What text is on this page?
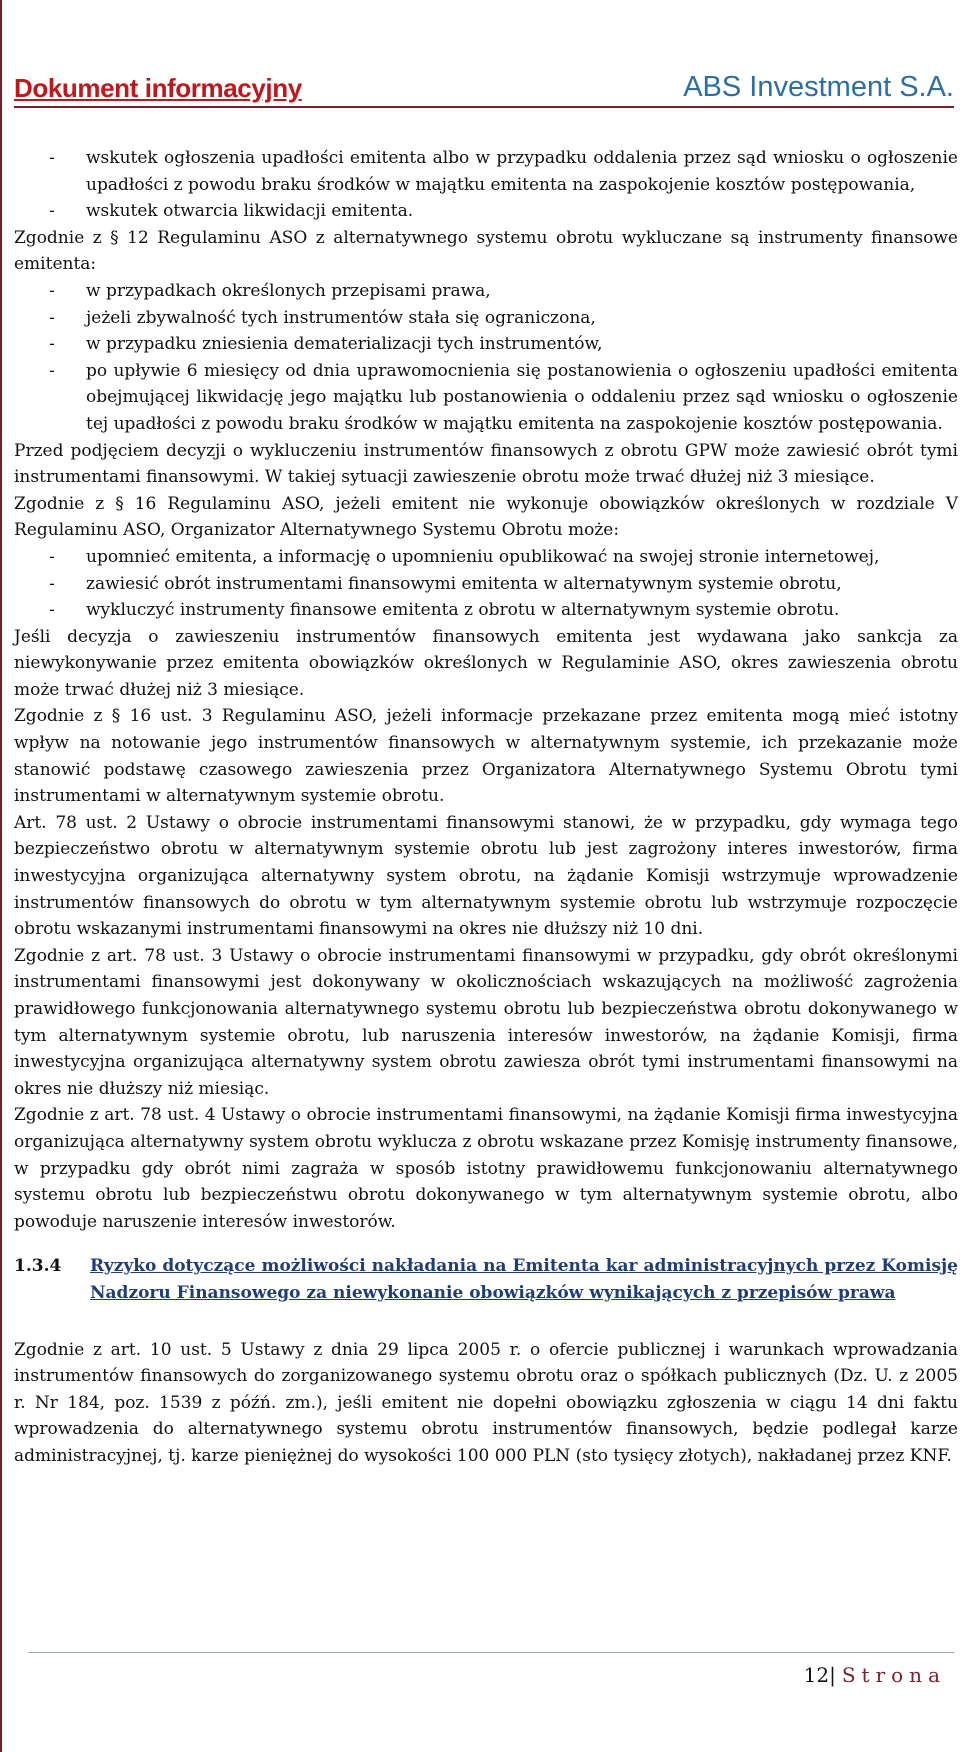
Dokument informacyjny	ABS Investment S.A.
-	wskutek ogłoszenia upadłości emitenta albo w przypadku oddalenia przez sąd wniosku o ogłoszenie upadłości z powodu braku środków w majątku emitenta na zaspokojenie kosztów postępowania,
-	wskutek otwarcia likwidacji emitenta.

Zgodnie z § 12 Regulaminu ASO z alternatywnego systemu obrotu wykluczane są instrumenty finansowe emitenta:

-	w przypadkach określonych przepisami prawa,
-	jeżeli zbywalność tych instrumentów stała się ograniczona,
-	w przypadku zniesienia dematerializacji tych instrumentów,
-	po upływie 6 miesięcy od dnia uprawomocnienia się postanowienia o ogłoszeniu upadłości emitenta obejmującej likwidację jego majątku lub postanowienia o oddaleniu przez sąd wniosku o ogłoszenie tej upadłości z powodu braku środków w majątku emitenta na zaspokojenie kosztów postępowania.

Przed podjęciem decyzji o wykluczeniu instrumentów finansowych z obrotu GPW może zawiesić obrót tymi instrumentami finansowymi. W takiej sytuacji zawieszenie obrotu może trwać dłużej niż 3 miesiące.

Zgodnie z § 16 Regulaminu ASO, jeżeli emitent nie wykonuje obowiązków określonych w rozdziale V Regulaminu ASO, Organizator Alternatywnego Systemu Obrotu może:

-	upomnieć emitenta, a informację o upomnieniu opublikować na swojej stronie internetowej,
-	zawiesić obrót instrumentami finansowymi emitenta w alternatywnym systemie obrotu,
-	wykluczyć instrumenty finansowe emitenta z obrotu w alternatywnym systemie obrotu.

Jeśli decyzja o zawieszeniu instrumentów finansowych emitenta jest wydawana jako sankcja za niewykonywanie przez emitenta obowiązków określonych w Regulaminie ASO, okres zawieszenia obrotu może trwać dłużej niż 3 miesiące.

Zgodnie z § 16 ust. 3 Regulaminu ASO, jeżeli informacje przekazane przez emitenta mogą mieć istotny wpływ na notowanie jego instrumentów finansowych w alternatywnym systemie, ich przekazanie może stanowić podstawę czasowego zawieszenia przez Organizatora Alternatywnego Systemu Obrotu tymi instrumentami w alternatywnym systemie obrotu.

Art. 78 ust. 2 Ustawy o obrocie instrumentami finansowymi stanowi, że w przypadku, gdy wymaga tego bezpieczeństwo obrotu w alternatywnym systemie obrotu lub jest zagrożony interes inwestorów, firma inwestycyjna organizująca alternatywny system obrotu, na żądanie Komisji wstrzymuje wprowadzenie instrumentów finansowych do obrotu w tym alternatywnym systemie obrotu lub wstrzymuje rozpoczęcie obrotu wskazanymi instrumentami finansowymi na okres nie dłuższy niż 10 dni.

Zgodnie z art. 78 ust. 3 Ustawy o obrocie instrumentami finansowymi w przypadku, gdy obrót określonymi instrumentami finansowymi jest dokonywany w okolicznościach wskazujących na możliwość zagrożenia prawidłowego funkcjonowania alternatywnego systemu obrotu lub bezpieczeństwa obrotu dokonywanego w tym alternatywnym systemie obrotu, lub naruszenia interesów inwestorów, na żądanie Komisji, firma inwestycyjna organizująca alternatywny system obrotu zawiesza obrót tymi instrumentami finansowymi na okres nie dłuższy niż miesiąc.

Zgodnie z art. 78 ust. 4 Ustawy o obrocie instrumentami finansowymi, na żądanie Komisji firma inwestycyjna organizująca alternatywny system obrotu wyklucza z obrotu wskazane przez Komisję instrumenty finansowe, w przypadku gdy obrót nimi zagraża w sposób istotny prawidłowemu funkcjonowaniu alternatywnego systemu obrotu lub bezpieczeństwu obrotu dokonywanego w tym alternatywnym systemie obrotu, albo powoduje naruszenie interesów inwestorów.

1.3.4	Ryzyko dotyczące możliwości nakładania na Emitenta kar administracyjnych przez Komisję Nadzoru Finansowego za niewykonanie obowiązków wynikających z przepisów prawa

Zgodnie z art. 10 ust. 5 Ustawy z dnia 29 lipca 2005 r. o ofercie publicznej i warunkach wprowadzania instrumentów finansowych do zorganizowanego systemu obrotu oraz o spółkach publicznych (Dz. U. z 2005 r. Nr 184, poz. 1539 z późń. zm.), jeśli emitent nie dopełni obowiązku zgłoszenia w ciągu 14 dni faktu wprowadzenia do alternatywnego systemu obrotu instrumentów finansowych, będzie podlegał karze administracyjnej, tj. karze pieniężnej do wysokości 100 000 PLN (sto tysięcy złotych), nakładanej przez KNF.

12| Strona
